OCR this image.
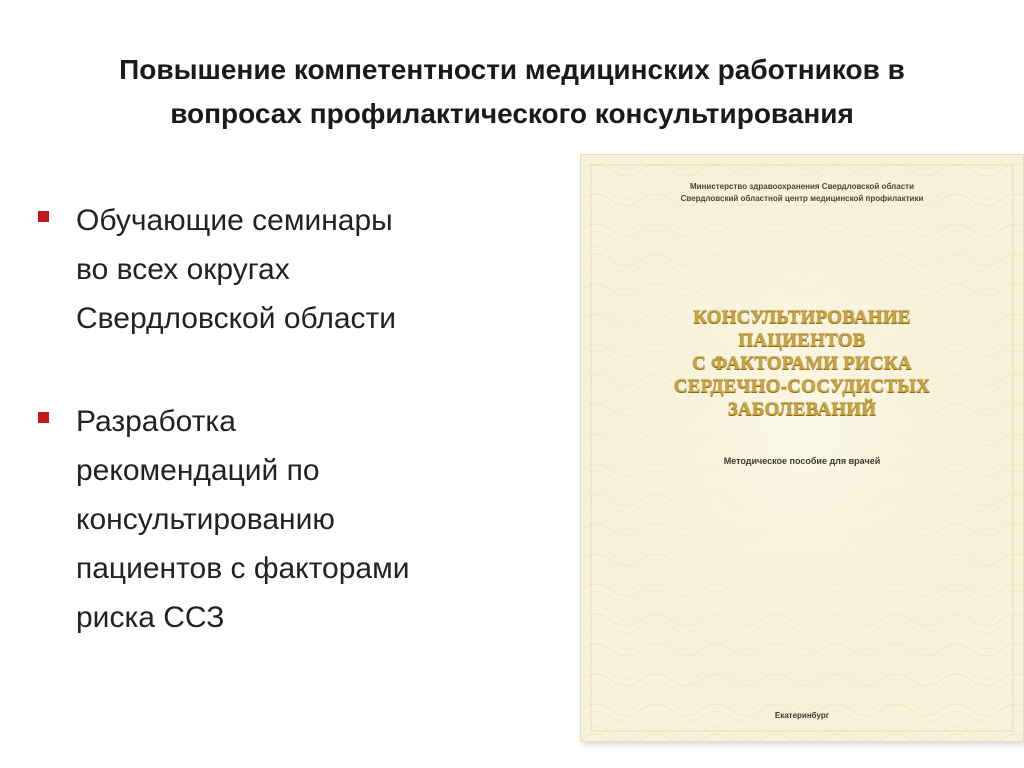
Повышение компетентности медицинских работников в
вопросах профилактического консультирования
Обучающие семинары
во всех округах
Свердловской области
Разработка
рекомендаций по
консультированию
пациентов с факторами
риска ССЗ
Министерство здравоохранения Свердловской области
Свердловский областной центр медицинской профилактики
КОНСУЛЬТИРОВАНИЕ
ПАЦИЕНТОВ
С ФАКТОРАМИ РИСКА
СЕРДЕЧНО-СОСУДИСТЫХ
ЗАБОЛЕВАНИЙ
Методическое пособие для врачей
Екатеринбург
